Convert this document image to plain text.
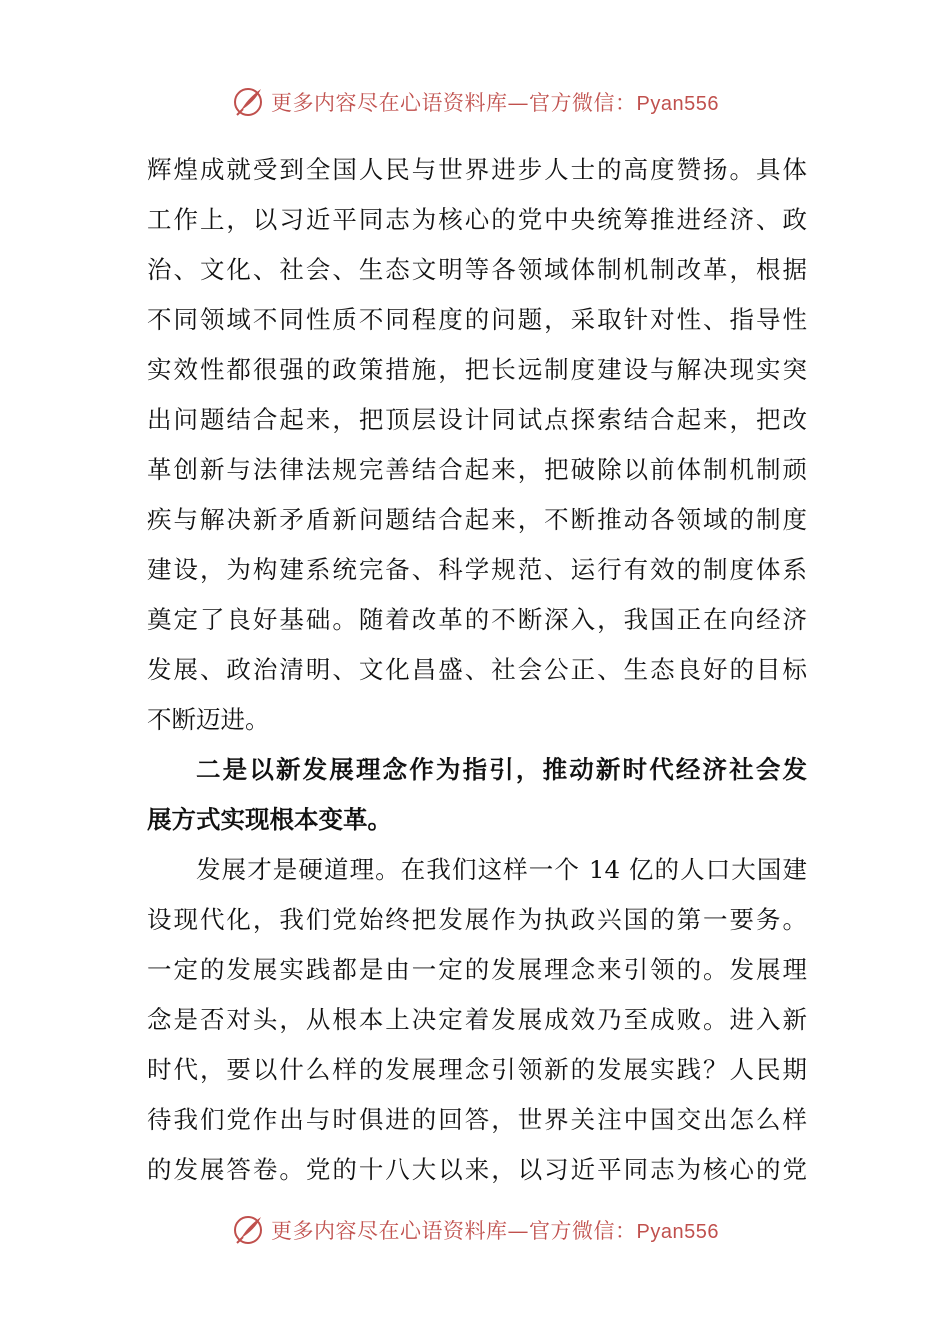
更多内容尽在心语资料库—官方微信：Pyan556
辉煌成就受到全国人民与世界进步人士的高度赞扬。具体
工作上，以习近平同志为核心的党中央统筹推进经济、政
治、文化、社会、生态文明等各领域体制机制改革，根据
不同领域不同性质不同程度的问题，采取针对性、指导性
实效性都很强的政策措施，把长远制度建设与解决现实突
出问题结合起来，把顶层设计同试点探索结合起来，把改
革创新与法律法规完善结合起来，把破除以前体制机制顽
疾与解决新矛盾新问题结合起来，不断推动各领域的制度
建设，为构建系统完备、科学规范、运行有效的制度体系
奠定了良好基础。随着改革的不断深入，我国正在向经济
发展、政治清明、文化昌盛、社会公正、生态良好的目标
不断迈进。
二是以新发展理念作为指引，推动新时代经济社会发
展方式实现根本变革。
发展才是硬道理。在我们这样一个 14 亿的人口大国建
设现代化，我们党始终把发展作为执政兴国的第一要务。
一定的发展实践都是由一定的发展理念来引领的。发展理
念是否对头，从根本上决定着发展成效乃至成败。进入新
时代，要以什么样的发展理念引领新的发展实践？人民期
待我们党作出与时俱进的回答，世界关注中国交出怎么样
的发展答卷。党的十八大以来，以习近平同志为核心的党
更多内容尽在心语资料库—官方微信：Pyan556
